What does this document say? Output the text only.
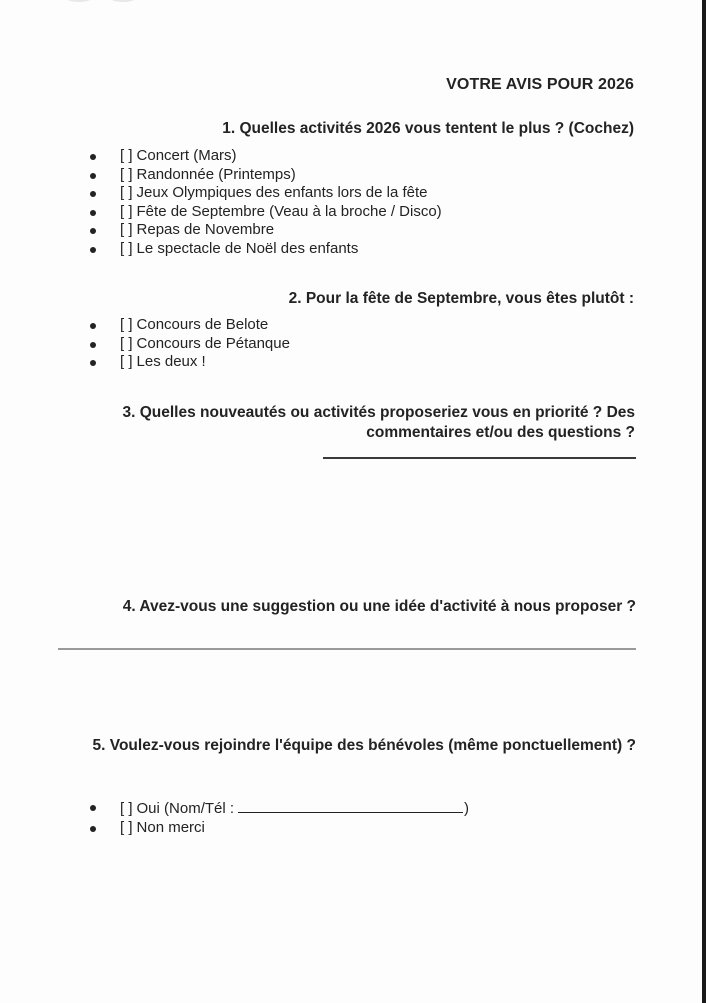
VOTRE AVIS POUR 2026
1. Quelles activités 2026 vous tentent le plus ? (Cochez)
[ ] Concert (Mars)
[ ] Randonnée (Printemps)
[ ] Jeux Olympiques des enfants lors de la fête
[ ] Fête de Septembre (Veau à la broche / Disco)
[ ] Repas de Novembre
[ ] Le spectacle de Noël des enfants
2. Pour la fête de Septembre, vous êtes plutôt :
[ ] Concours de Belote
[ ] Concours de Pétanque
[ ] Les deux !
3. Quelles nouveautés ou activités proposeriez vous en priorité ? Des commentaires et/ou des questions ?
4. Avez-vous une suggestion ou une idée d'activité à nous proposer ?
5. Voulez-vous rejoindre l'équipe des bénévoles (même ponctuellement) ?
[ ] Oui (Nom/Tél :	)
[ ] Non merci
